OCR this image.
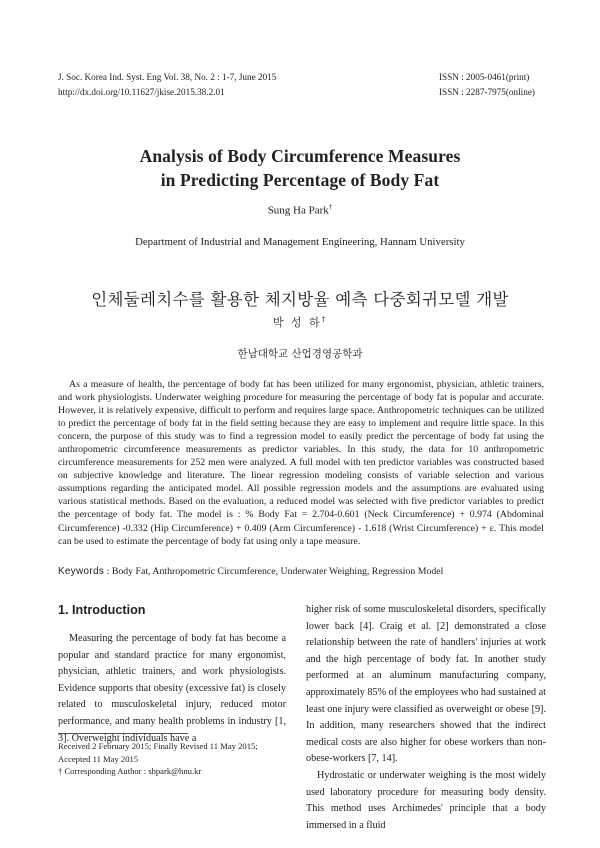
J. Soc. Korea Ind. Syst. Eng Vol. 38, No. 2 : 1-7, June 2015
http://dx.doi.org/10.11627/jkise.2015.38.2.01
ISSN : 2005-0461(print)
ISSN : 2287-7975(online)
Analysis of Body Circumference Measures
in Predicting Percentage of Body Fat
Sung Ha Park†
Department of Industrial and Management Engineering, Hannam University
인체둘레치수를 활용한 체지방율 예측 다중회귀모델 개발
박 성 하†
한남대학교 산업경영공학과

As a measure of health, the percentage of body fat has been utilized for many ergonomist, physician, athletic trainers, and work physiologists. Underwater weighing procedure for measuring the percentage of body fat is popular and accurate. However, it is relatively expensive, difficult to perform and requires large space. Anthropometric techniques can be utilized to predict the percentage of body fat in the field setting because they are easy to implement and require little space. In this concern, the purpose of this study was to find a regression model to easily predict the percentage of body fat using the anthropometric circumference measurements as predictor variables. In this study, the data for 10 anthropometric circumference measurements for 252 men were analyzed. A full model with ten predictor variables was constructed based on subjective knowledge and literature. The linear regression modeling consists of variable selection and various assumptions regarding the anticipated model. All possible regression models and the assumptions are evaluated using various statistical methods. Based on the evaluation, a reduced model was selected with five predictor variables to predict the percentage of body fat. The model is : % Body Fat = 2.704-0.601 (Neck Circumference) + 0.974 (Abdominal Circumference) -0.332 (Hip Circumference) + 0.409 (Arm Circumference) - 1.618 (Wrist Circumference) + ε. This model can be used to estimate the percentage of body fat using only a tape measure.

Keywords : Body Fat, Anthropometric Circumference, Underwater Weighing, Regression Model
1. Introduction

Measuring the percentage of body fat has become a popular and standard practice for many ergonomist, physician, athletic trainers, and work physiologists. Evidence supports that obesity (excessive fat) is closely related to musculoskeletal injury, reduced motor performance, and many health problems in industry [1, 3]. Overweight individuals have a

Received 2 February 2015; Finally Revised 11 May 2015;
Accepted 11 May 2015
† Corresponding Author : shpark@hnu.kr

higher risk of some musculoskeletal disorders, specifically lower back [4]. Craig et al. [2] demonstrated a close relationship between the rate of handlers' injuries at work and the high percentage of body fat. In another study performed at an aluminum manufacturing company, approximately 85% of the employees who had sustained at least one injury were classified as overweight or obese [9]. In addition, many researchers showed that the indirect medical costs are also higher for obese workers than non-obese-workers [7, 14].

Hydrostatic or underwater weighing is the most widely used laboratory procedure for measuring body density. This method uses Archimedes' principle that a body immersed in a fluid
